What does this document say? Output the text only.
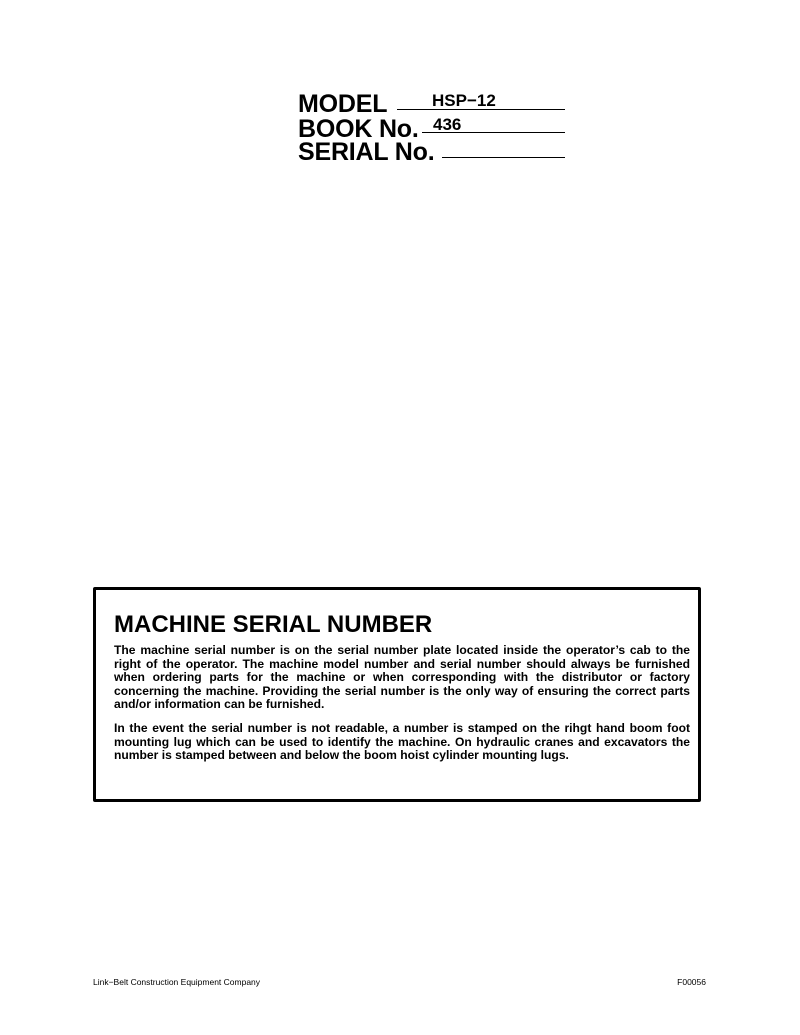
MODEL	HSP−12
BOOK No. 436
SERIAL No.
MACHINE SERIAL NUMBER

The machine serial number is on the serial number plate located inside the operator’s cab to the right of the operator. The machine model number and serial number should always be furnished when ordering parts for the machine or when corresponding with the distributor or factory concerning the machine. Providing the serial number is the only way of ensuring the correct parts and/or information can be furnished.

In the event the serial number is not readable, a number is stamped on the rihgt hand boom foot mounting lug which can be used to identify the machine. On hydraulic cranes and excavators the number is stamped between and below the boom hoist cylinder mounting lugs.

Link−Belt Construction Equipment Company	F00056
